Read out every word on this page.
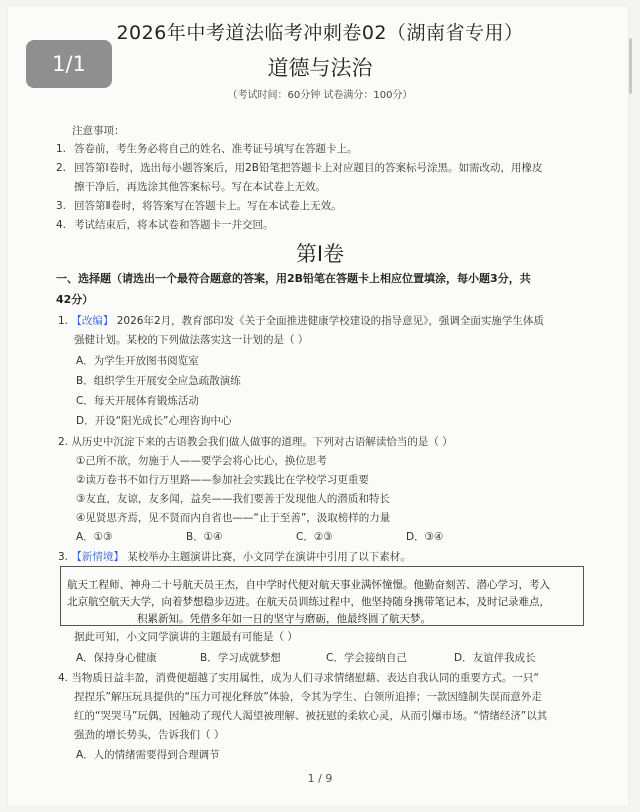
2026年中考道法临考冲刺卷02（湖南省专用）
1/1	道德与法治
（考试时间：60分钟 试卷满分：100分）
注意事项：
1. 答卷前，考生务必将自己的姓名、准考证号填写在答题卡上。
2. 回答第Ⅰ卷时，选出每小题答案后，用2B铅笔把答题卡上对应题目的答案标号涂黑。如需改动，用橡皮
擦干净后，再选涂其他答案标号。写在本试卷上无效。
3. 回答第Ⅱ卷时，将答案写在答题卡上。写在本试卷上无效。
4. 考试结束后，将本试卷和答题卡一并交回。
第Ⅰ卷
一、选择题（请选出一个最符合题意的答案，用2B铅笔在答题卡上相应位置填涂，每小题3分，共
42分）
1. 【改编】 2026年2月，教育部印发《关于全面推进健康学校建设的指导意见》，强调全面实施学生体质
强健计划。某校的下列做法落实这一计划的是（ ）
A．为学生开放图书阅览室
B．组织学生开展安全应急疏散演练
C．每天开展体育锻炼活动
D．开设“阳光成长”心理咨询中心
2. 从历史中沉淀下来的古语教会我们做人做事的道理。下列对古语解读恰当的是（ ）
①己所不欲，勿施于人——要学会将心比心，换位思考
②读万卷书不如行万里路——参加社会实践比在学校学习更重要
③友直，友谅，友多闻，益矣——我们要善于发现他人的潜质和特长
④见贤思齐焉，见不贤而内自省也——“止于至善”，汲取榜样的力量
A．①③	B．①④	C．②③	D．③④
3. 【新情境】 某校举办主题演讲比赛，小文同学在演讲中引用了以下素材。

航天工程师、神舟二十号航天员王杰，自中学时代便对航天事业满怀憧憬。他勤奋刻苦、潜心学习，考入
北京航空航天大学，向着梦想稳步迈进。在航天员训练过程中，他坚持随身携带笔记本，及时记录难点，
积累新知。凭借多年如一日的坚守与磨砺，他最终圆了航天梦。

据此可知，小文同学演讲的主题最有可能是（ ）
A．保持身心健康	B．学习成就梦想	C．学会接纳自己	D．友谊伴我成长
4. 当物质日益丰盈，消费便超越了实用属性，成为人们寻求情绪慰藉、表达自我认同的重要方式。一只“
捏捏乐”解压玩具提供的“压力可视化释放”体验，令其为学生、白领所追捧；一款因缝制失误而意外走
红的“哭哭马”玩偶，因触动了现代人渴望被理解、被抚慰的柔软心灵，从而引爆市场。“情绪经济”以其
强劲的增长势头，告诉我们（ ）
A．人的情绪需要得到合理调节
1 / 9
